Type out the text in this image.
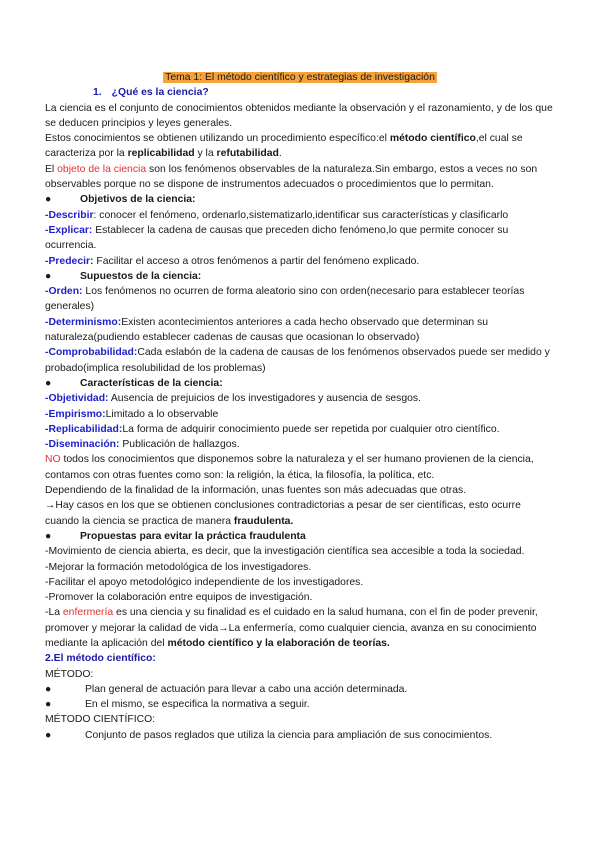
Tema 1: El método científico y estrategias de investigación
1. ¿Qué es la ciencia?

La ciencia es el conjunto de conocimientos obtenidos mediante la observación y el razonamiento, y de los que se deducen principios y leyes generales.

Estos conocimientos se obtienen utilizando un procedimiento específico:el método científico,el cual se caracteriza por la replicabilidad y la refutabilidad.

El objeto de la ciencia son los fenómenos observables de la naturaleza.Sin embargo, estos a veces no son observables porque no se dispone de instrumentos adecuados o procedimientos que lo permitan.

●	Objetivos de la ciencia:

-Describir: conocer el fenómeno, ordenarlo,sistematizarlo,identificar sus características y clasificarlo

-Explicar: Establecer la cadena de causas que preceden dicho fenómeno,lo que permite conocer su ocurrencia.

-Predecir: Facilitar el acceso a otros fenómenos a partir del fenómeno explicado.

●	Supuestos de la ciencia:

-Orden: Los fenómenos no ocurren de forma aleatorio sino con orden(necesario para establecer teorías generales)

-Determinismo:Existen acontecimientos anteriores a cada hecho observado que determinan su naturaleza(pudiendo establecer cadenas de causas que ocasionan lo observado)

-Comprobabilidad:Cada eslabón de la cadena de causas de los fenómenos observados puede ser medido y probado(implica resolubilidad de los problemas)

●	Características de la ciencia:

-Objetividad: Ausencia de prejuicios de los investigadores y ausencia de sesgos.

-Empirismo:Limitado a lo observable

-Replicabilidad:La forma de adquirir conocimiento puede ser repetida por cualquier otro científico.

-Diseminación: Publicación de hallazgos.

NO todos los conocimientos que disponemos sobre la naturaleza y el ser humano provienen de la ciencia, contamos con otras fuentes como son: la religión, la ética, la filosofía, la política, etc.

Dependiendo de la finalidad de la información, unas fuentes son más adecuadas que otras.

→Hay casos en los que se obtienen conclusiones contradictorias a pesar de ser científicas, esto ocurre cuando la ciencia se practica de manera fraudulenta.

●	Propuestas para evitar la práctica fraudulenta

-Movimiento de ciencia abierta, es decir, que la investigación científica sea accesible a toda la sociedad.

-Mejorar la formación metodológica de los investigadores.

-Facilitar el apoyo metodológico independiente de los investigadores.

-Promover la colaboración entre equipos de investigación.

-La enfermería es una ciencia y su finalidad es el cuidado en la salud humana, con el fin de poder prevenir, promover y mejorar la calidad de vida→La enfermería, como cualquier ciencia, avanza en su conocimiento mediante la aplicación del método científico y la elaboración de teorías.

2.El método científico:

MÉTODO:

●	Plan general de actuación para llevar a cabo una acción determinada.
●	En el mismo, se especifica la normativa a seguir.

MÉTODO CIENTÍFICO:

●	Conjunto de pasos reglados que utiliza la ciencia para ampliación de sus conocimientos.
